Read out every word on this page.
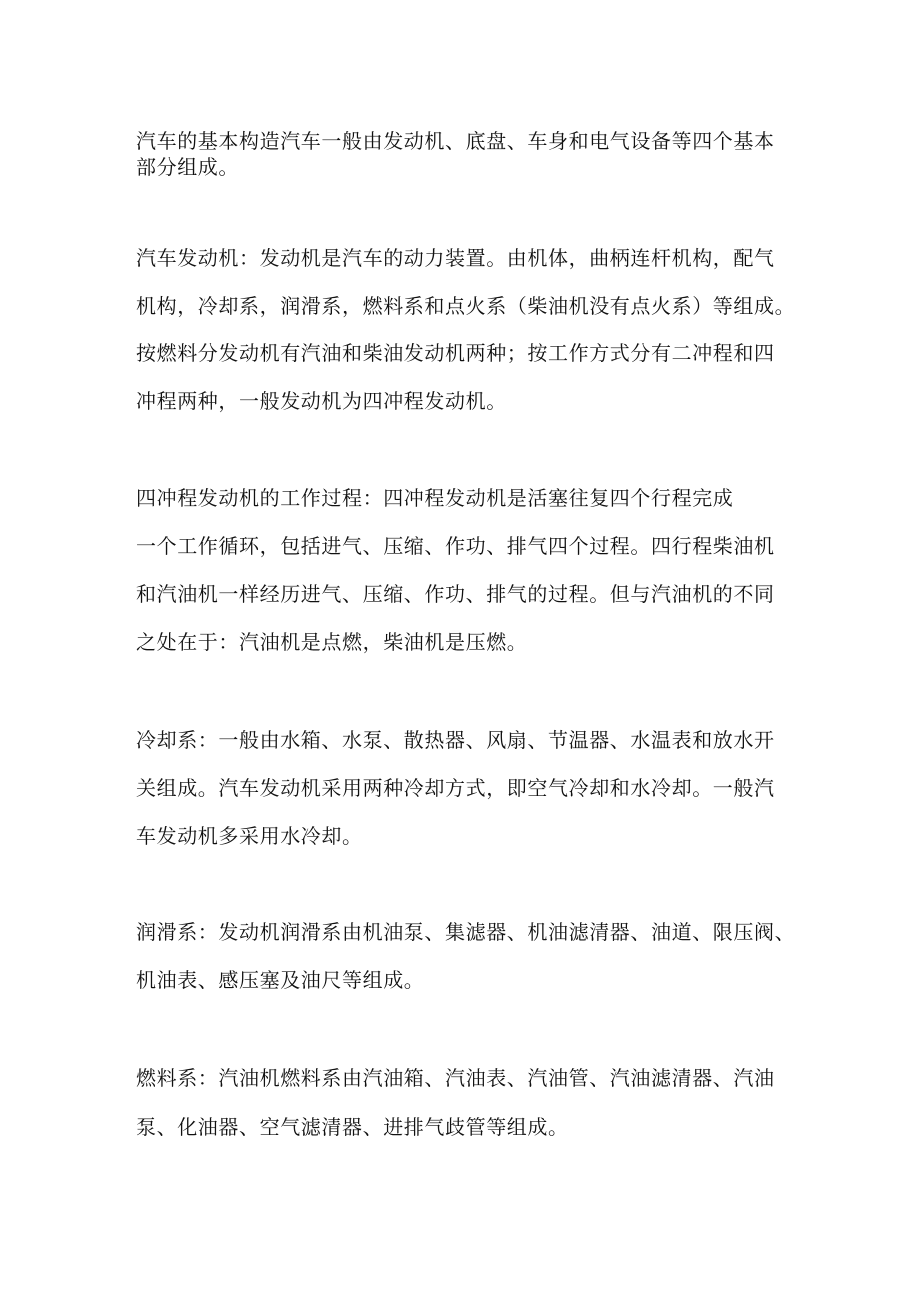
汽车的基本构造汽车一般由发动机、底盘、车身和电气设备等四个基本
部分组成。
汽车发动机：发动机是汽车的动力装置。由机体，曲柄连杆机构，配气
机构，冷却系，润滑系，燃料系和点火系（柴油机没有点火系）等组成。
按燃料分发动机有汽油和柴油发动机两种；按工作方式分有二冲程和四
冲程两种，一般发动机为四冲程发动机。
四冲程发动机的工作过程：四冲程发动机是活塞往复四个行程完成
一个工作循环，包括进气、压缩、作功、排气四个过程。四行程柴油机
和汽油机一样经历进气、压缩、作功、排气的过程。但与汽油机的不同
之处在于：汽油机是点燃，柴油机是压燃。
冷却系：一般由水箱、水泵、散热器、风扇、节温器、水温表和放水开
关组成。汽车发动机采用两种冷却方式，即空气冷却和水冷却。一般汽
车发动机多采用水冷却。
润滑系：发动机润滑系由机油泵、集滤器、机油滤清器、油道、限压阀、
机油表、感压塞及油尺等组成。
燃料系：汽油机燃料系由汽油箱、汽油表、汽油管、汽油滤清器、汽油
泵、化油器、空气滤清器、进排气歧管等组成。
